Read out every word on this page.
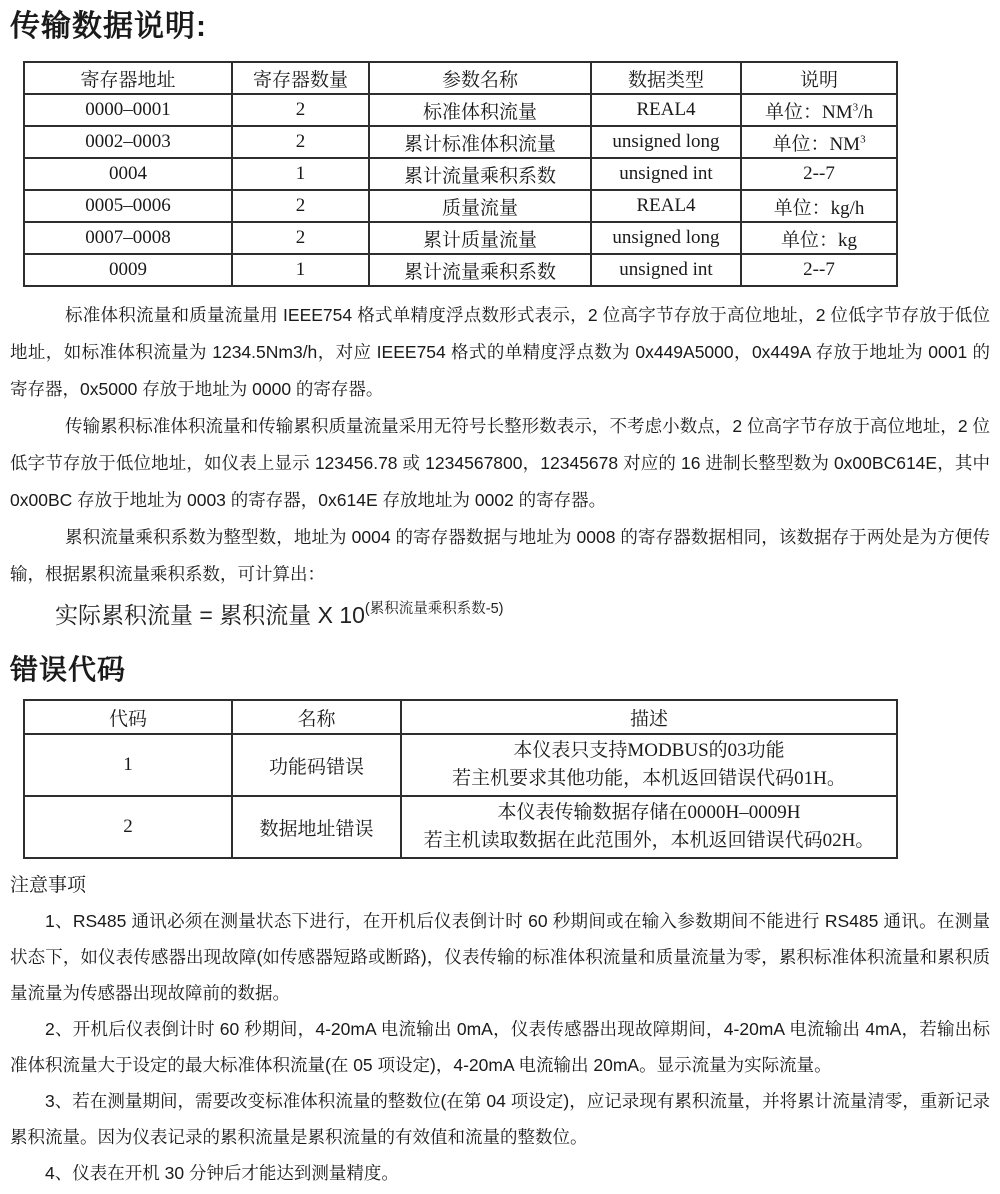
传输数据说明:
寄存器地址	寄存器数量	参数名称	数据类型	说明
0000–0001	2	标准体积流量	REAL4	单位：$NM^3/h$
0002–0003	2	累计标准体积流量	unsigned long	单位：$NM^3$
0004	1	累计流量乘积系数	unsigned int	2--7
0005–0006	2	质量流量	REAL4	单位：kg/h
0007–0008	2	累计质量流量	unsigned long	单位：kg
0009	1	累计流量乘积系数	unsigned int	2--7

标准体积流量和质量流量用 IEEE754 格式单精度浮点数形式表示，2 位高字节存放于高位地址，2 位低字节存放于低位地址，如标准体积流量为 1234.5Nm3/h，对应 IEEE754 格式的单精度浮点数为 0x449A5000，0x449A 存放于地址为 0001 的寄存器，0x5000 存放于地址为 0000 的寄存器。

传输累积标准体积流量和传输累积质量流量采用无符号长整形数表示，不考虑小数点，2 位高字节存放于高位地址，2 位低字节存放于低位地址，如仪表上显示 123456.78 或 1234567800，12345678 对应的 16 进制长整型数为 0x00BC614E，其中 0x00BC 存放于地址为 0003 的寄存器，0x614E 存放地址为 0002 的寄存器。

累积流量乘积系数为整型数，地址为 0004 的寄存器数据与地址为 0008 的寄存器数据相同，该数据存于两处是为方便传输，根据累积流量乘积系数，可计算出：

实际累积流量 = 累积流量 X $10^{(累积流量乘积系数-5)}$
错误代码
代码	名称	描述
1	功能码错误	本仪表只支持MODBUS的03功能
若主机要求其他功能，本机返回错误代码01H。

2	数据地址错误	本仪表传输数据存储在0000H–0009H
若主机读取数据在此范围外，本机返回错误代码02H。
注意事项

1、RS485 通讯必须在测量状态下进行，在开机后仪表倒计时 60 秒期间或在输入参数期间不能进行 RS485 通讯。在测量状态下，如仪表传感器出现故障(如传感器短路或断路)，仪表传输的标准体积流量和质量流量为零，累积标准体积流量和累积质量流量为传感器出现故障前的数据。

2、开机后仪表倒计时 60 秒期间，4-20mA 电流输出 0mA，仪表传感器出现故障期间，4-20mA 电流输出 4mA，若输出标准体积流量大于设定的最大标准体积流量(在 05 项设定)，4-20mA 电流输出 20mA。显示流量为实际流量。

3、若在测量期间，需要改变标准体积流量的整数位(在第 04 项设定)，应记录现有累积流量，并将累计流量清零，重新记录累积流量。因为仪表记录的累积流量是累积流量的有效值和流量的整数位。

4、仪表在开机 30 分钟后才能达到测量精度。
